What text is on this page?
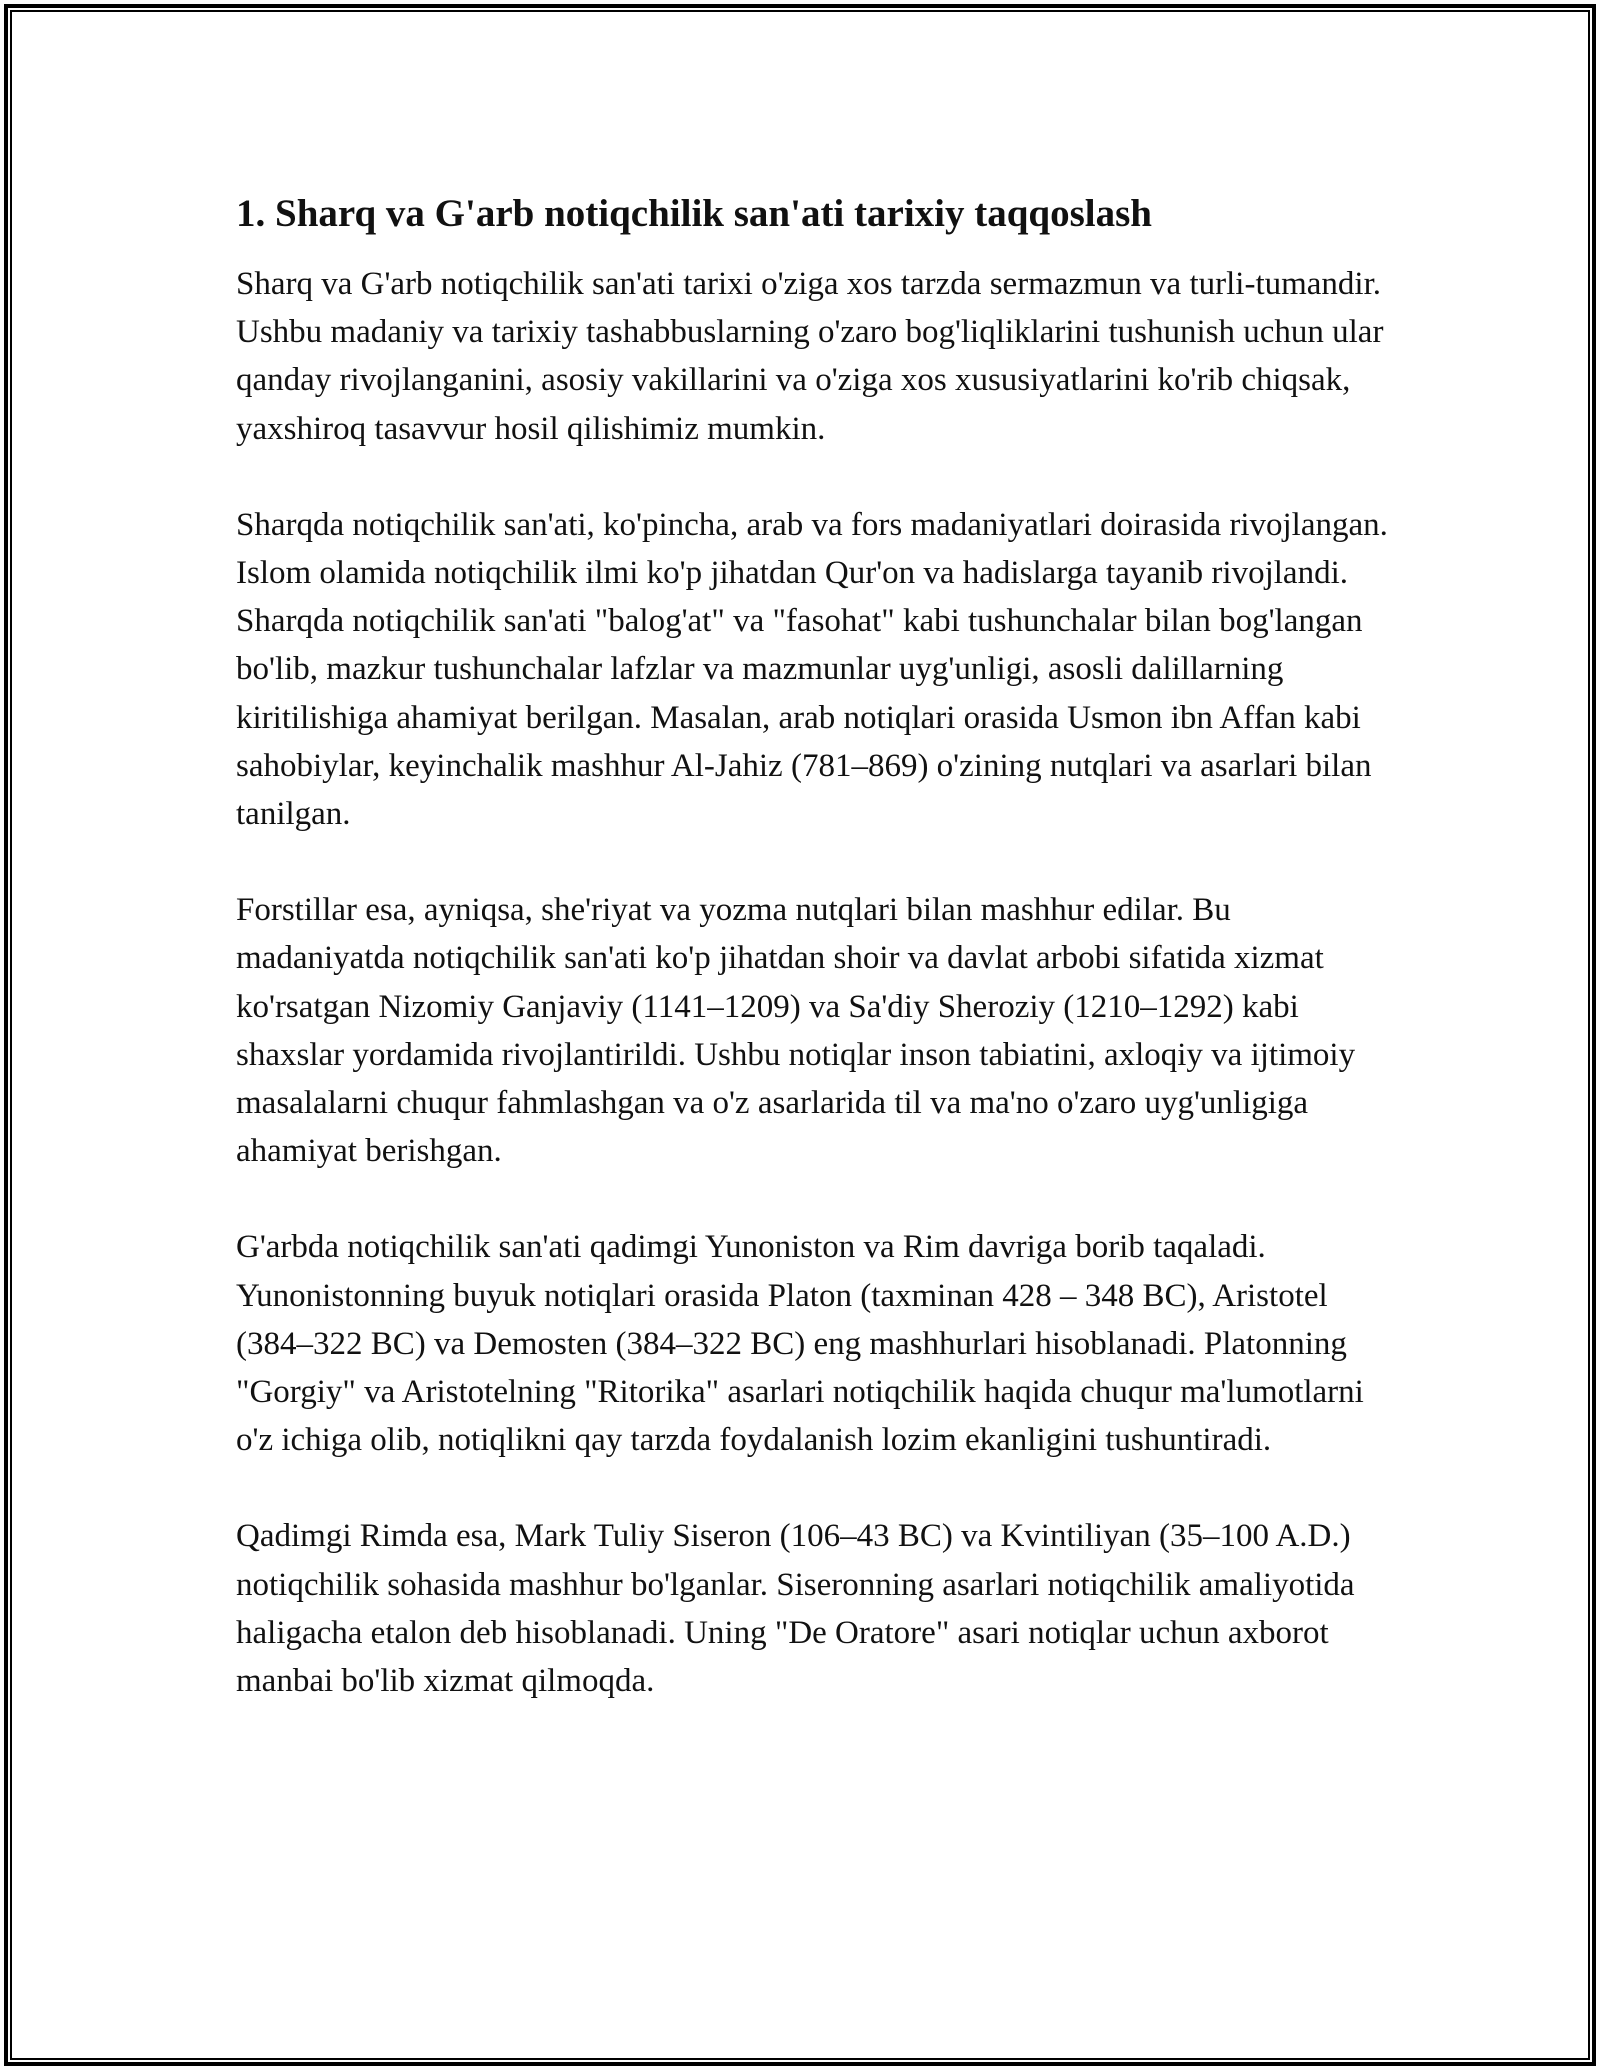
1. Sharq va G'arb notiqchilik san'ati tarixiy taqqoslash

Sharq va G'arb notiqchilik san'ati tarixi o'ziga xos tarzda sermazmun va turli-tumandir. Ushbu madaniy va tarixiy tashabbuslarning o'zaro bog'liqliklarini tushunish uchun ular qanday rivojlanganini, asosiy vakillarini va o'ziga xos xususiyatlarini ko'rib chiqsak, yaxshiroq tasavvur hosil qilishimiz mumkin.

Sharqda notiqchilik san'ati, ko'pincha, arab va fors madaniyatlari doirasida rivojlangan. Islom olamida notiqchilik ilmi ko'p jihatdan Qur'on va hadislarga tayanib rivojlandi. Sharqda notiqchilik san'ati "balog'at" va "fasohat" kabi tushunchalar bilan bog'langan bo'lib, mazkur tushunchalar lafzlar va mazmunlar uyg'unligi, asosli dalillarning kiritilishiga ahamiyat berilgan. Masalan, arab notiqlari orasida Usmon ibn Affan kabi sahobiylar, keyinchalik mashhur Al-Jahiz (781–869) o'zining nutqlari va asarlari bilan tanilgan.

Forstillar esa, ayniqsa, she'riyat va yozma nutqlari bilan mashhur edilar. Bu madaniyatda notiqchilik san'ati ko'p jihatdan shoir va davlat arbobi sifatida xizmat ko'rsatgan Nizomiy Ganjaviy (1141–1209) va Sa'diy Sheroziy (1210–1292) kabi shaxslar yordamida rivojlantirildi. Ushbu notiqlar inson tabiatini, axloqiy va ijtimoiy masalalarni chuqur fahmlashgan va o'z asarlarida til va ma'no o'zaro uyg'unligiga ahamiyat berishgan.

G'arbda notiqchilik san'ati qadimgi Yunoniston va Rim davriga borib taqaladi. Yunonistonning buyuk notiqlari orasida Platon (taxminan 428 – 348 BC), Aristotel (384–322 BC) va Demosten (384–322 BC) eng mashhurlari hisoblanadi. Platonning "Gorgiy" va Aristotelning "Ritorika" asarlari notiqchilik haqida chuqur ma'lumotlarni o'z ichiga olib, notiqlikni qay tarzda foydalanish lozim ekanligini tushuntiradi.

Qadimgi Rimda esa, Mark Tuliy Siseron (106–43 BC) va Kvintiliyan (35–100 A.D.) notiqchilik sohasida mashhur bo'lganlar. Siseronning asarlari notiqchilik amaliyotida haligacha etalon deb hisoblanadi. Uning "De Oratore" asari notiqlar uchun axborot manbai bo'lib xizmat qilmoqda.
